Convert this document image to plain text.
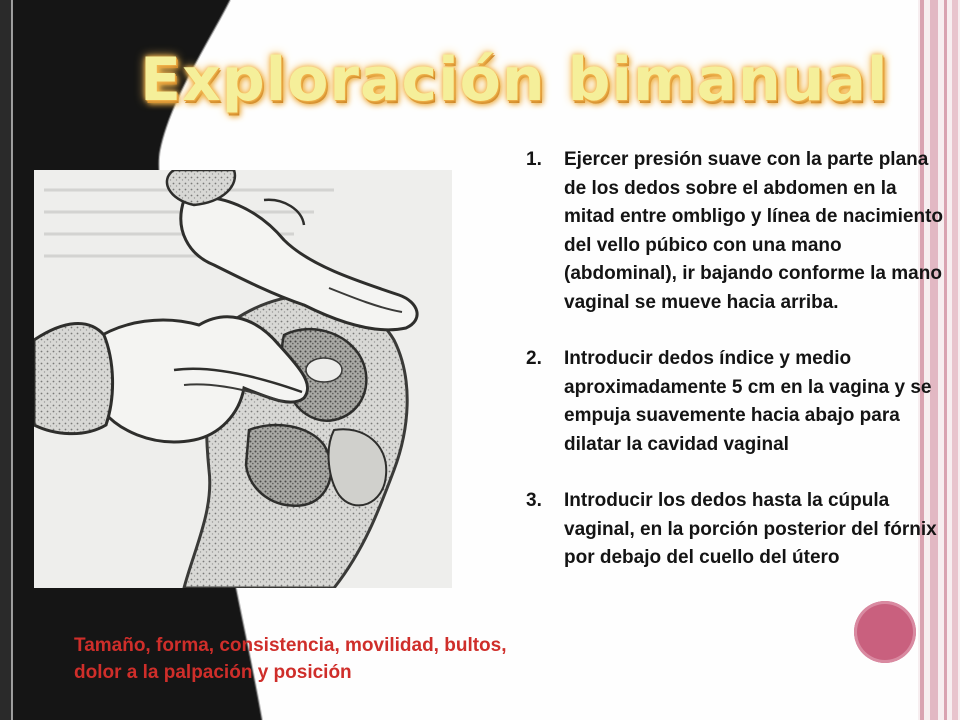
Exploración bimanual
1. Ejercer presión suave con la parte plana de los dedos sobre el abdomen en la mitad entre ombligo y línea de nacimiento del vello púbico con una mano (abdominal), ir bajando conforme la mano vaginal se mueve hacia arriba.
2. Introducir dedos índice y medio aproximadamente 5 cm en la vagina y se empuja suavemente hacia abajo para dilatar la cavidad vaginal
3. Introducir los dedos hasta la cúpula vaginal, en la porción posterior del fórnix por debajo del cuello del útero
Tamaño, forma, consistencia, movilidad, bultos, dolor a la palpación y posición
